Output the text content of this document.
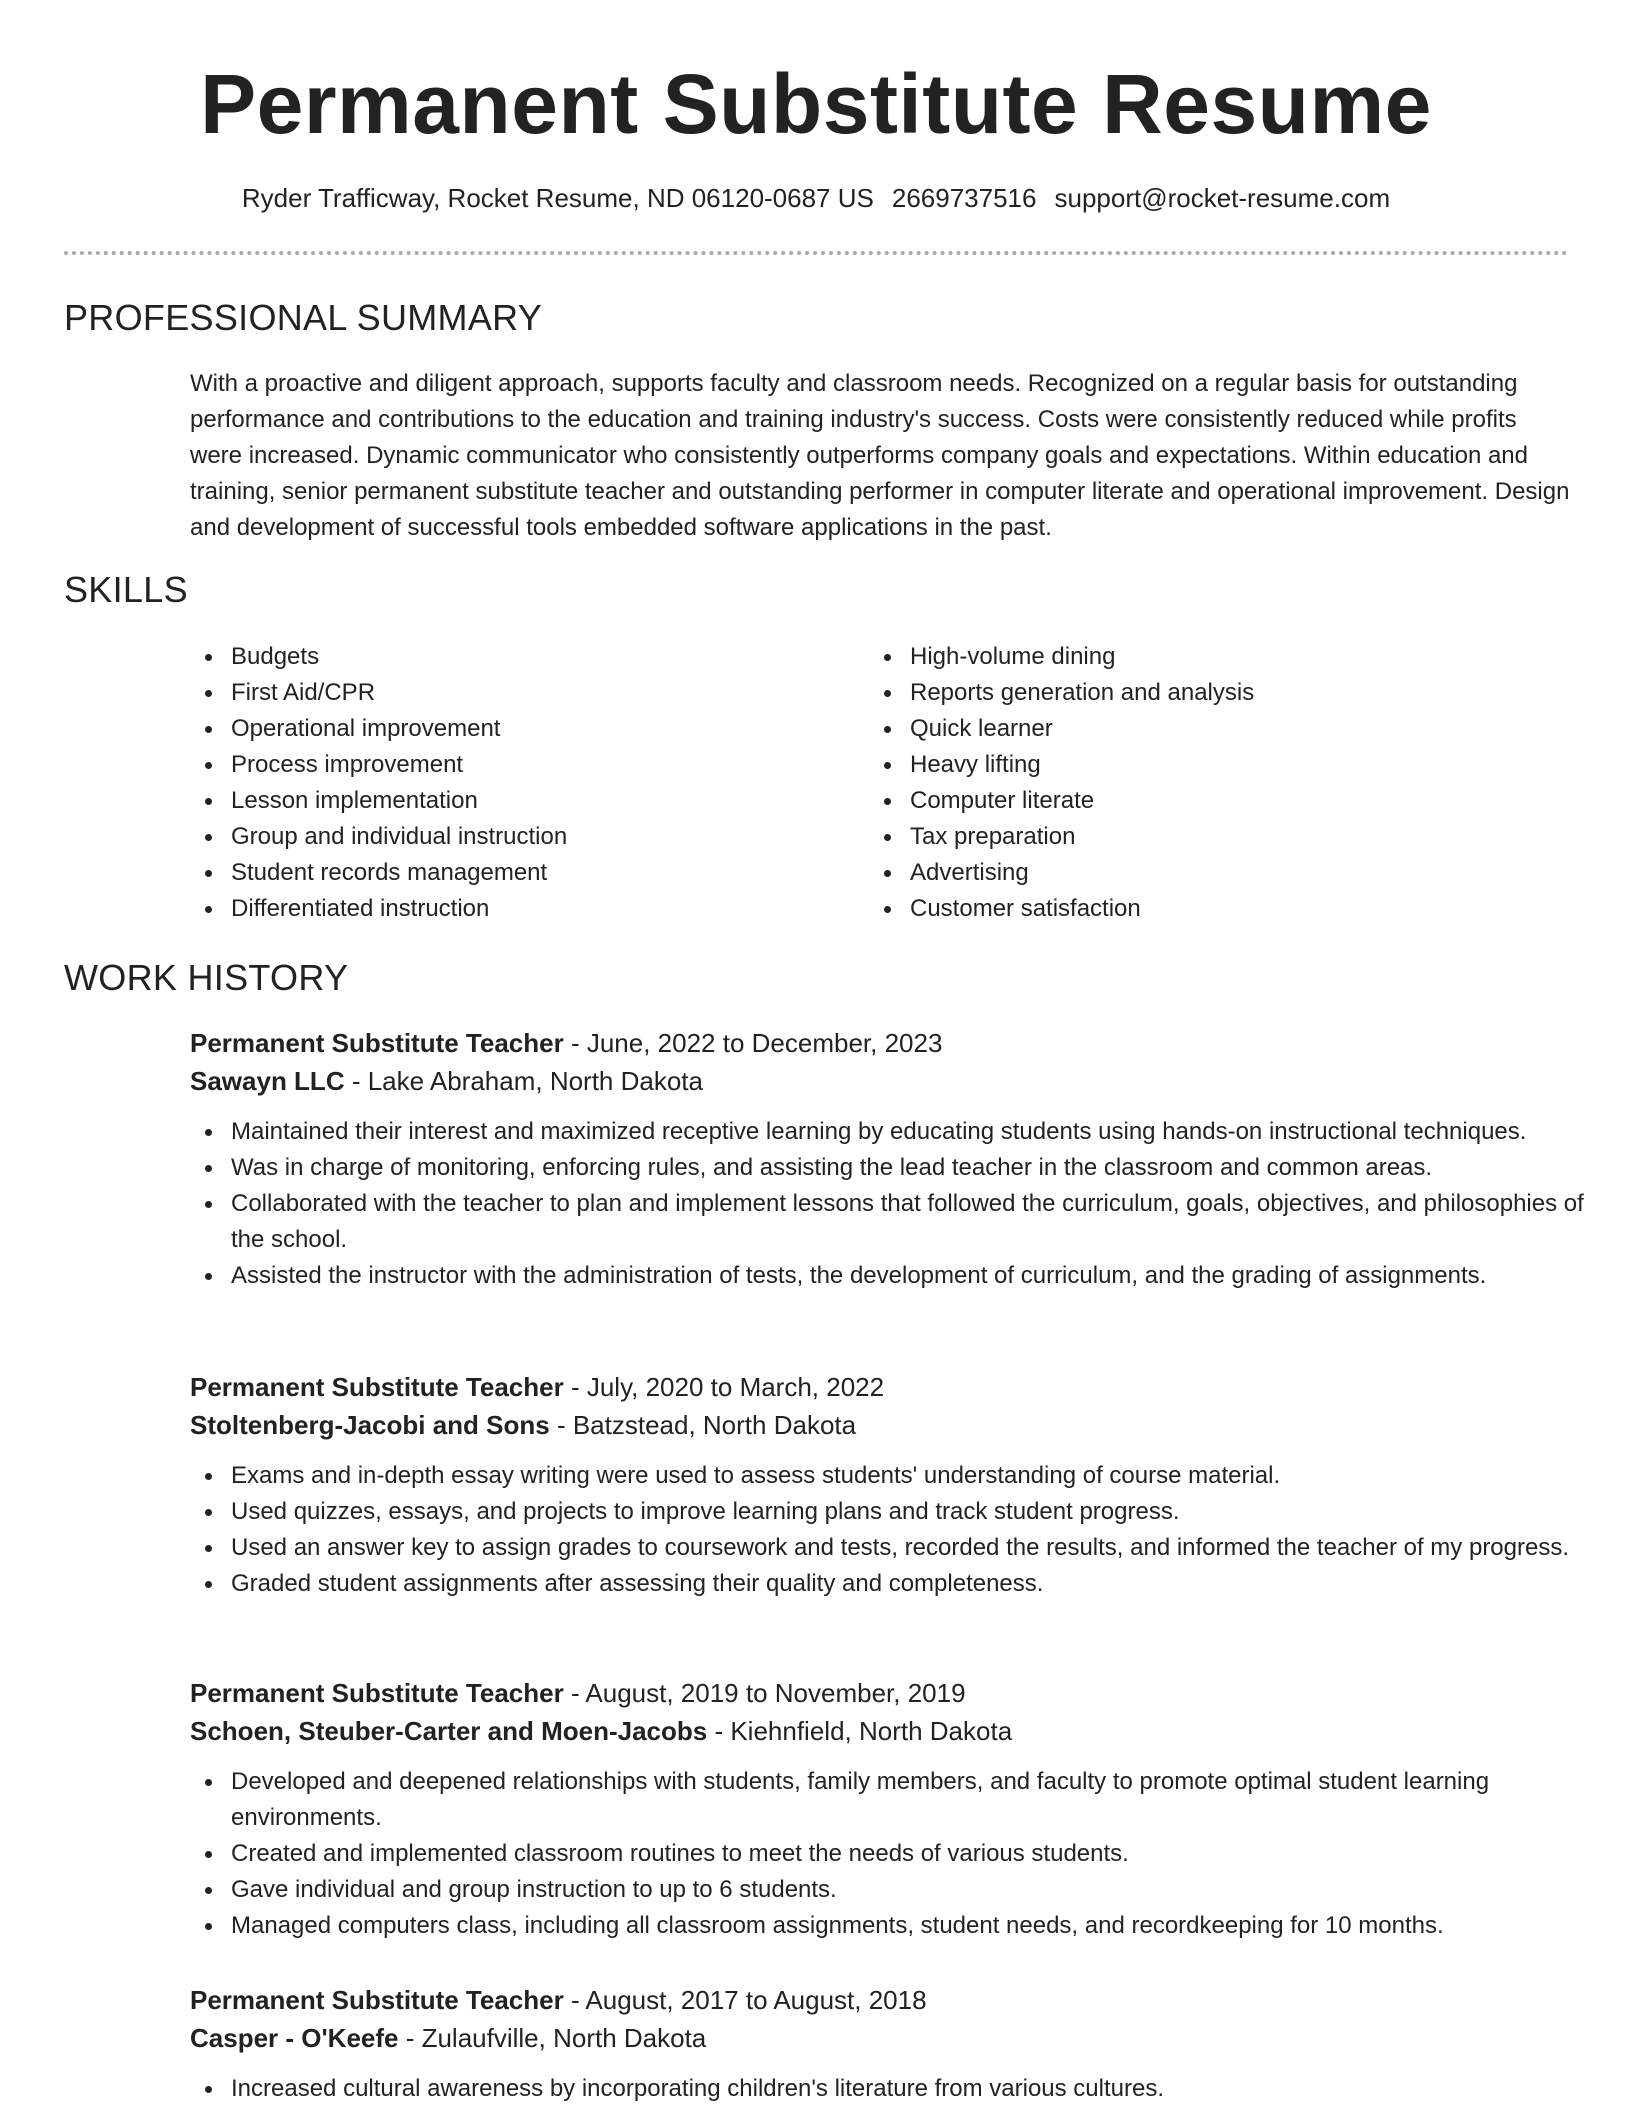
Permanent Substitute Resume
Ryder Trafficway, Rocket Resume, ND 06120-0687 US 2669737516 support@rocket-resume.com
PROFESSIONAL SUMMARY
With a proactive and diligent approach, supports faculty and classroom needs. Recognized on a regular basis for outstanding performance and contributions to the education and training industry's success. Costs were consistently reduced while profits were increased. Dynamic communicator who consistently outperforms company goals and expectations. Within education and training, senior permanent substitute teacher and outstanding performer in computer literate and operational improvement. Design and development of successful tools embedded software applications in the past.
SKILLS
Budgets
First Aid/CPR
Operational improvement
Process improvement
Lesson implementation
Group and individual instruction
Student records management
Differentiated instruction
High-volume dining
Reports generation and analysis
Quick learner
Heavy lifting
Computer literate
Tax preparation
Advertising
Customer satisfaction
WORK HISTORY
Permanent Substitute Teacher - June, 2022 to December, 2023
Sawayn LLC - Lake Abraham, North Dakota
Maintained their interest and maximized receptive learning by educating students using hands-on instructional techniques.
Was in charge of monitoring, enforcing rules, and assisting the lead teacher in the classroom and common areas.
Collaborated with the teacher to plan and implement lessons that followed the curriculum, goals, objectives, and philosophies of the school.
Assisted the instructor with the administration of tests, the development of curriculum, and the grading of assignments.
Permanent Substitute Teacher - July, 2020 to March, 2022
Stoltenberg-Jacobi and Sons - Batzstead, North Dakota
Exams and in-depth essay writing were used to assess students' understanding of course material.
Used quizzes, essays, and projects to improve learning plans and track student progress.
Used an answer key to assign grades to coursework and tests, recorded the results, and informed the teacher of my progress.
Graded student assignments after assessing their quality and completeness.
Permanent Substitute Teacher - August, 2019 to November, 2019
Schoen, Steuber-Carter and Moen-Jacobs - Kiehnfield, North Dakota
Developed and deepened relationships with students, family members, and faculty to promote optimal student learning environments.
Created and implemented classroom routines to meet the needs of various students.
Gave individual and group instruction to up to 6 students.
Managed computers class, including all classroom assignments, student needs, and recordkeeping for 10 months.
Permanent Substitute Teacher - August, 2017 to August, 2018
Casper - O'Keefe - Zulaufville, North Dakota
Increased cultural awareness by incorporating children's literature from various cultures.
